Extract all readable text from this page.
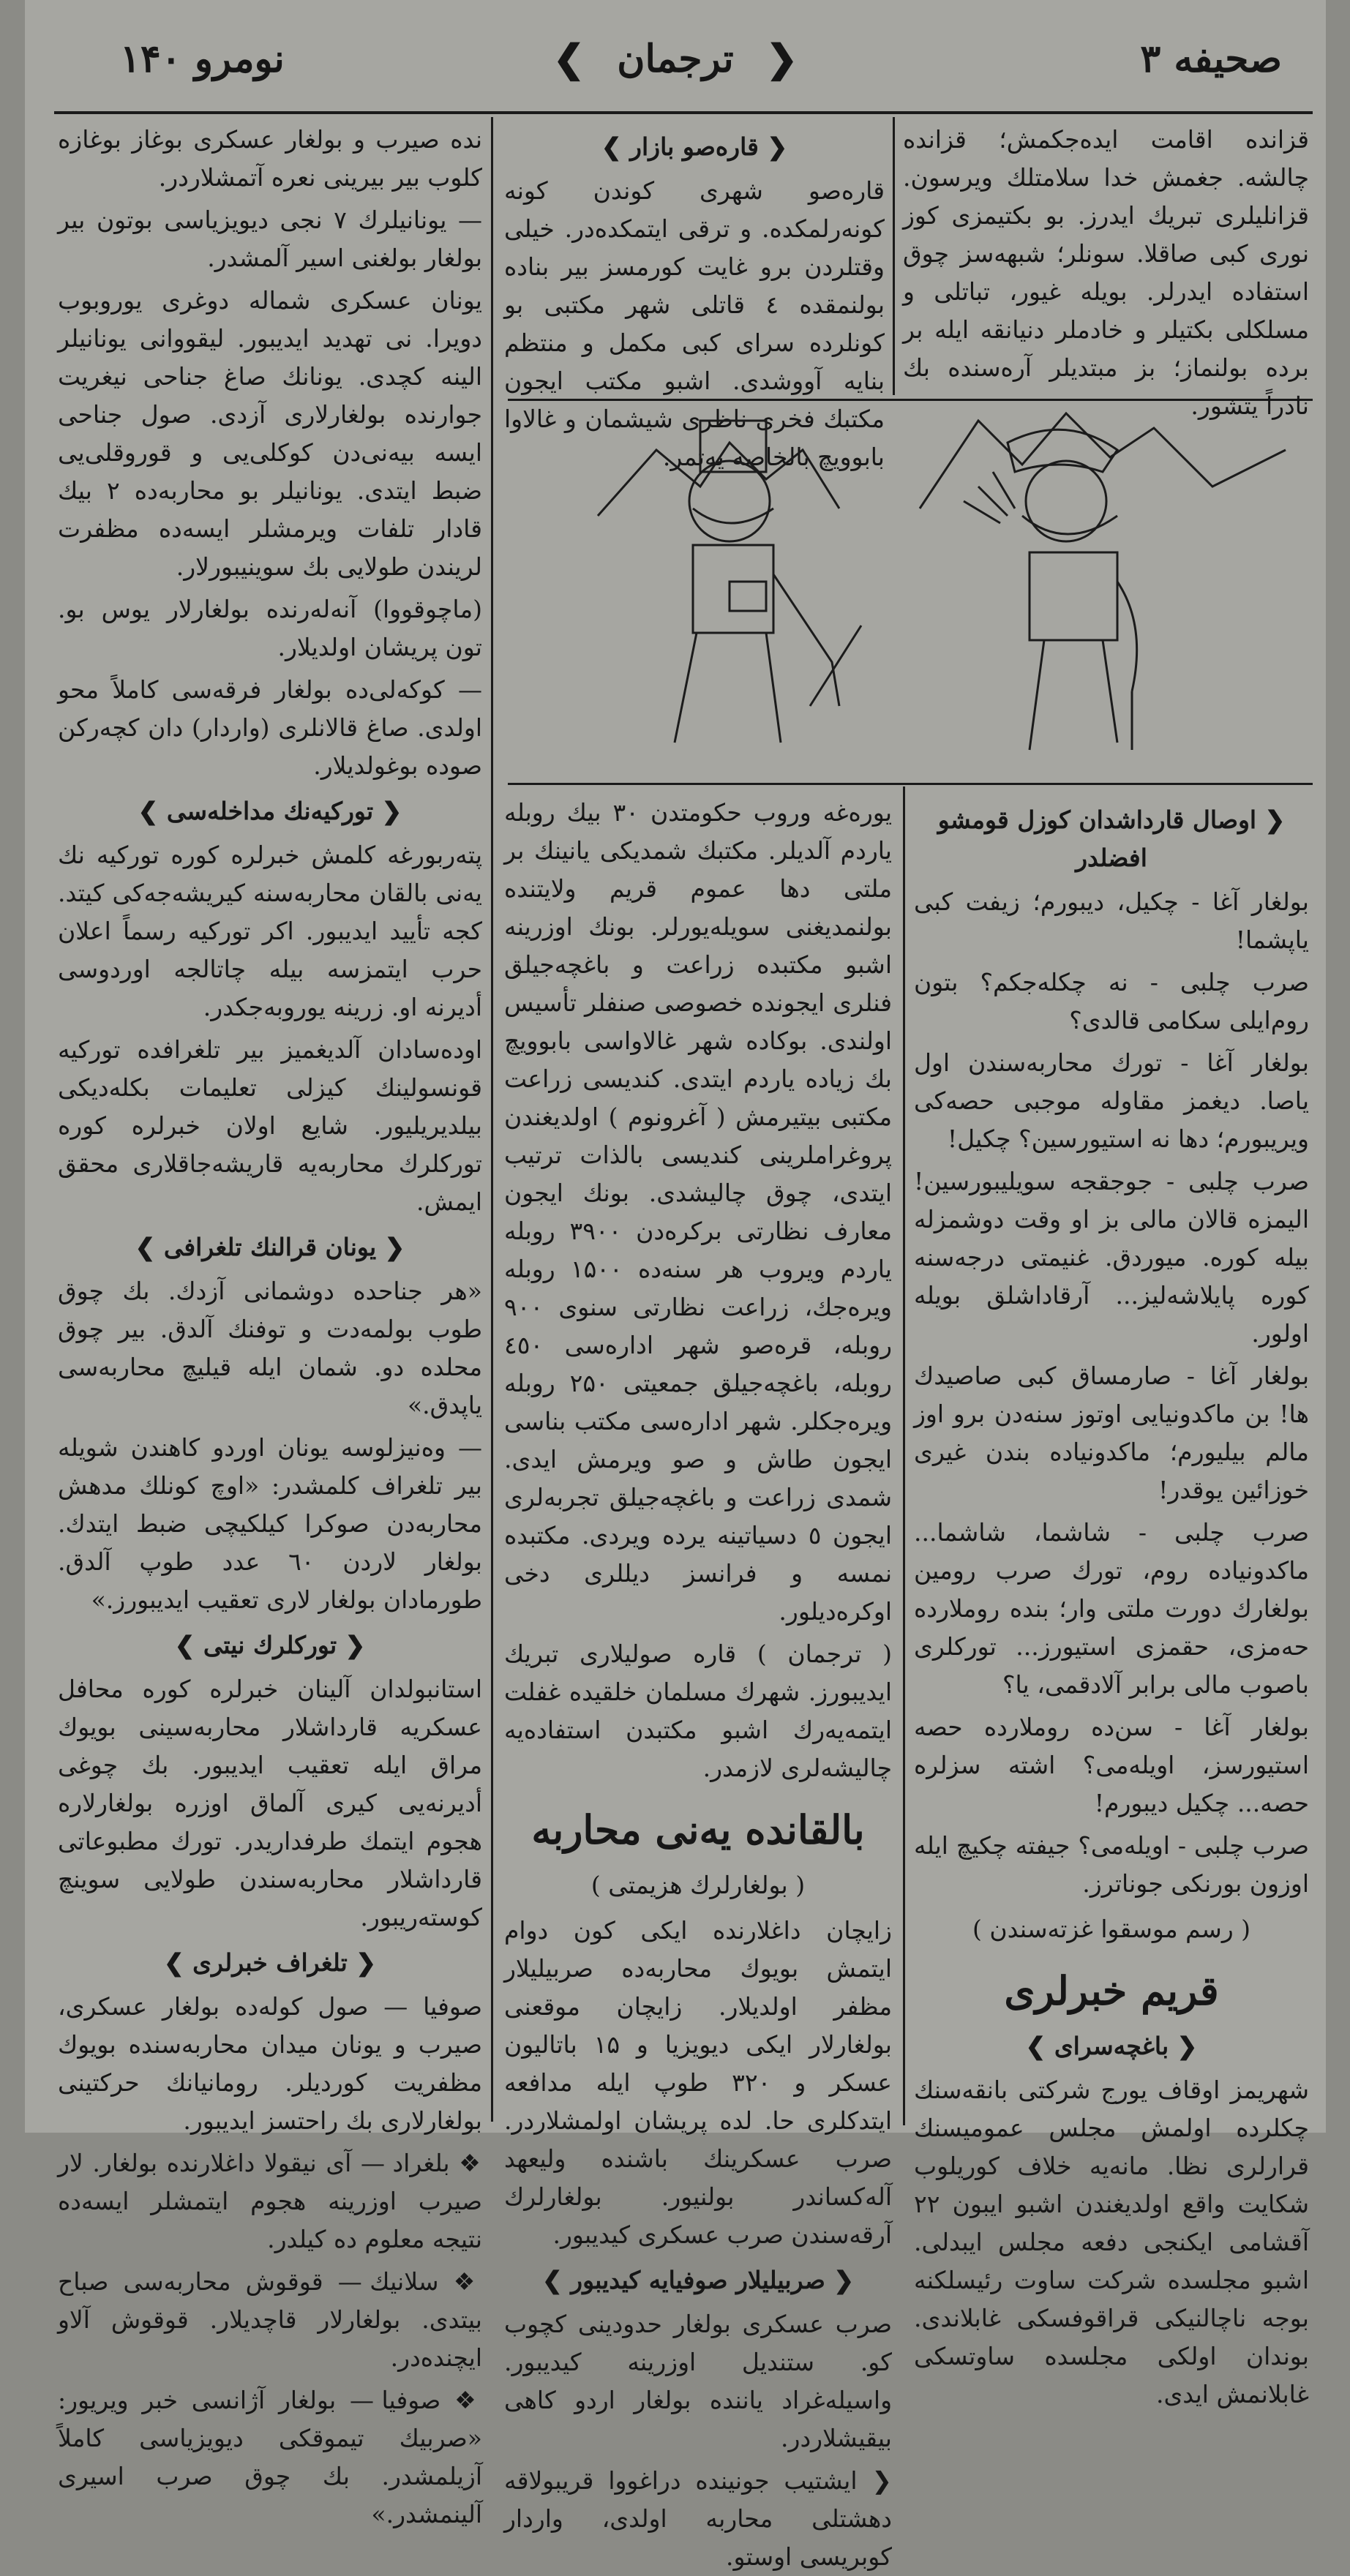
صحیفه ۳
❮ترجمان❯
نومرو ۱۴۰

قزانده اقامت ایده‌جکمش؛ قزانده چالشه. جغمش خدا سلامتلك ویرسون. قزانلیلری تبریك ایدرز. بو بکتیمزی کوز نوری کبی صاقلا. سونلر؛ شبهه‌سز چوق استفاده ایدرلر. بویله غیور، تباتلی و مسلکلی بکتیلر و خادملر دنیانقه ایله بر برده بولنماز؛ بز مبتدیلر آره‌سنده بك نادراً یتشور.

❮ قاره‌صو بازار ❯

قاره‌صو شهری کوندن کونه کونه‌رلمکده. و ترقی ایتمکده‌در. خیلی وقتلردن برو غایت کورمسز بیر بنا‌ده بولنمقده ٤ قاتلی شهر مکتبی بو کونلرده سرای کبی مکمل و منتظم بنایه آووشدی. اشبو مکتب ایجون مکتبك فخری ناظری شیشمان و غالاوا بابوویچ بالخاصه یه‌تمر.

❮ اوصال قارداشدان کوزل قومشو افضلدر

بولغار آغا - چکیل، دیبورم؛ زیفت کبی یاپشما!

صرب چلبی - نه چکله‌جکم؟ بتون روم‌ایلی سکامی قالدی؟

بولغار آغا - تورك محاربه‌سندن اول یاصا. دیغمز مقاوله موجبی حصه‌کی ویریبورم؛ دها نه استیورسین؟ چکیل!

صرب چلبی - جوجقجه سویلیبورسین! الیمزه قالان مالی بز او وقت دوشمزله بیله کوره. میوردق. غنیمتی درجه‌سنه کوره پایلاشه‌لیز... آرقاداشلق بویله اولور.

بولغار آغا - صارمساق کبی صاصیدك ها! بن ماکدونیایی اوتوز سنه‌دن برو اوز مالم بیلیورم؛ ماکدونیاده بندن غیری خوزائین یوقدر!

صرب چلبی - شاشما، شاشما... ماکدونیاده روم، تورك صرب رومین بولغارك دورت ملتی وار؛ بنده روملارده حه‌مزی، حقمزی استیورز... تورکلری باصوب مالی برابر آلادقمی، یا؟

بولغار آغا - سن‌ده روملارده حصه استیورسز، اویله‌می؟ اشته سزلره حصه... چکیل دیبورم!

صرب چلبی - اویله‌می؟ جیفته چکیچ ایله اوزون بورنکی جوناترز.

( رسم موسقوا غزته‌سندن )
قریم خبرلری
❮ باغچه‌سرای ❯

شهریمز اوقاف یورج شرکتی بانقه‌سنك چکلرده اولمش مجلس عمومیسنك قرارلری نظا. مانه‌یه خلاف کوریلوب شکایت واقع اولدیغندن اشبو ایبون ۲۲ آقشامی ایکنجی دفعه مجلس ایبدلی. اشبو مجلسده شرکت ساوت رئیسلکنه بوجه ناچالنیکی قراقوفسکی غابلاندی. بوندان اولکی مجلسده ساوتسکی غابلانمش ایدی.

یوره‌غه وروب حکومتدن ۳۰ بیك روبله یاردم آلدیلر. مکتبك شمدیکی یانینك بر ملتی دها عموم قریم ولایتنده بولنمدیغنی سویله‌یورلر. بونك اوزرینه اشبو مکتبده زراعت و باغچه‌جیلق فنلری ایجونده خصوصی صنفلر تأسیس اولندی. بوکاده شهر غالاواسی بابوویچ بك زیاده یاردم ایتدی. کندیسی زراعت مکتبی بیتیرمش ( آغرونوم ) اولدیغندن پروغراملرینی کندیسی بالذات ترتیب ایتدی، چوق چالیشدی. بونك ایجون معارف نظارتی برکره‌دن ۳۹۰۰ روبله یاردم ویروب هر سنه‌ده ۱۵۰۰ روبله ویره‌جك، زراعت نظارتی سنوی ۹۰۰ روبله، قره‌صو شهر اداره‌سی ٤٥٠ روبله، باغچه‌جیلق جمعیتی ۲۵۰ روبله ویره‌جکلر. شهر اداره‌سی مکتب بناسی ایجون طاش و صو ویرمش ایدی. شمدی زراعت و باغچه‌جیلق تجربه‌لری ایجون ٥ دسیاتینه یرده ویردی. مکتبده نمسه و فرانسز دیللری دخی اوکره‌دیلور.

( ترجمان ) قاره صولیلاری تبریك ایدیبورز. شهرك مسلمان خلقیده غفلت ایتمه‌یه‌رك اشبو مکتبدن استفاده‌یه چالیشه‌لری لازمدر.

بالقانده یه‌نی محاربه
( بولغارلرك هزیمتی )

زایچان داغلارنده ایکی کون دوام ایتمش بویوك محاربه‌ده صربیلیلار مظفر اولدیلار. زایچان موقعنی بولغارلار ایکی دیویزیا و ۱۵ باتالیون عسکر و ۳۲۰ طوپ ایله مدافعه ایتدکلری حا. لده پریشان اولمشلاردر. صرب عسکرینك باشنده ولیعهد آله‌کساندر بولنیور. بولغارلرك آرقه‌سندن صرب عسکری کیدیبور.

❮ صربیلیلار صوفیایه کیدیبور ❯

صرب عسکری بولغار حدودینی کچوب کو. ستندیل اوزرینه کیدیبور. واسیله‌غراد یاننده بولغار اردو کاهی بیقیشلاردر.

❮ ایشتیب جونینده دراغووا قریبولاقه دهشتلی محاربه اولدی، واردار کوبریسی اوستو.

نده صیرب و بولغار عسکری بوغاز بوغازه کلوب بیر بیرینی نعره آتمشلاردر.

— یونانیلرك ۷ نجی دیویزیاسی بوتون بیر بولغار بولغنی اسیر آلمشدر.

یونان عسکری شماله دوغری یوروبوب دویرا. نی تهدید ایدیبور. لیقووانی یونانیلر الینه کچدی. یونانك صاغ جناحی نیغریت جوارنده بولغارلاری آزدی. صول جناحی ایسه بیه‌نی‌دن کوکلی‌یی و قوروقلی‌یی ضبط ایتدی. یونانیلر بو محاربه‌ده ۲ بیك قادار تلفات ویرمشلر ایسه‌ده مظفرت لریندن طولایی بك سوینیبورلار.

(ماچوقووا) آنه‌له‌رنده بولغارلار یوس بو. تون پریشان اولدیلار.

— کوکه‌لی‌ده بولغار فرقه‌سی کاملاً محو اولدی. صاغ قالانلری (واردار) دان کچه‌رکن صوده بوغولدیلار.

❮ تورکیه‌نك مداخله‌سی ❯

پته‌ربورغه کلمش خبرلره کوره تورکیه نك یه‌نی بالقان محاربه‌سنه کیریشه‌جه‌کی کیتد. کجه تأیید ایدیبور. اکر تورکیه رسماً اعلان حرب ایتمزسه بیله چاتالجه اوردوسی أدیرنه او. زرینه یوروبه‌جکدر.

اوده‌سادان آلدیغمیز بیر تلغرافده تورکیه قونسولینك کیزلی تعلیمات بکله‌دیکی بیلدیریلیور. شایع اولان خبرلره کوره تورکلرك محاربه‌یه قاریشه‌جاقلاری محقق ایمش.

❮ یونان قرالنك تلغرافی ❯

«هر جناحده دوشمانی آزدك. بك چوق طوب بولمه‌دت و توفنك آلدق. بیر چوق محلده دو. شمان ایله قیلیچ محاربه‌سی یاپدق.»

— وه‌نیزلوسه یونان اوردو کاهندن شویله بیر تلغراف کلمشدر: «اوچ کونلك مدهش محاربه‌دن صوکرا کیلکیچی ضبط ایتدك. بولغار لاردن ٦٠ عدد طوپ آلدق. طورمادان بولغار لاری تعقیب ایدیبورز.»

❮ تورکلرك نیتی ❯

استانبولدان آلینان خبرلره کوره محافل عسکریه قارداشلار محاربه‌سینی بویوك مراق ایله تعقیب ایدیبور. بك چوغی أدیرنه‌یی کیری آلماق اوزره بولغارلاره هجوم ایتمك طرفدارید‌ر. تورك مطبوعاتی قارداشلار محاربه‌سندن طولایی سوینچ کوسته‌ریبور.

❮ تلغراف خبرلری ❯

صوفیا — صول کوله‌ده بولغار عسکری، صیرب و یونان میدان محاربه‌سنده بویوك مظفریت کوردیلر. رومانیانك حرکتینی بولغارلاری بك راحتسز ایدیبور.

❖ بلغراد — آی نیقولا داغلارنده بولغار. لار صیرب اوزرینه هجوم ایتمشلر ایسه‌ده نتیجه معلوم ده کیلدر.

❖ سلانیك — قوقوش محاربه‌سی صباح بیتدی. بولغارلار قاچدیلار. قوقوش آلاو ایچنده‌در.

❖ صوفیا — بولغار آژانسی خبر ویریور: «صربیك تیموقکی دیویزیاسی کاملاً آزیلمشدر. بك چوق صرب اسیری آلینمشدر.»
